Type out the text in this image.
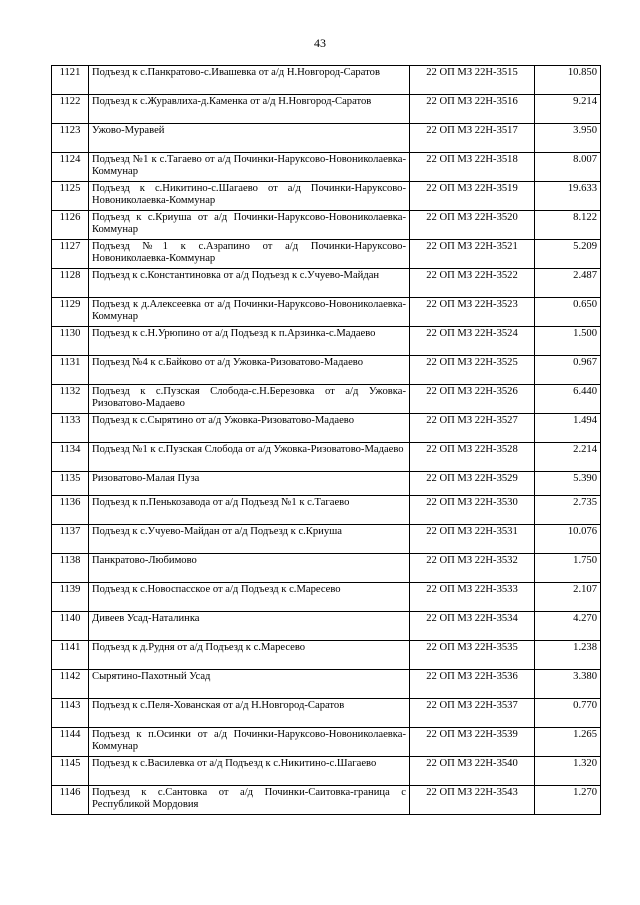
43
1121	Подъезд к с.Панкратово-с.Ивашевка от а/д Н.Новгород-Саратов	22 ОП МЗ 22Н-3515	10.850
1122	Подъезд к с.Журавлиха-д.Каменка от а/д Н.Новгород-Саратов	22 ОП МЗ 22Н-3516	9.214
1123	Ужово-Муравей	22 ОП МЗ 22Н-3517	3.950
1124	Подъезд №1 к с.Тагаево от а/д Починки-Наруксово-Новониколаевка-Коммунар	22 ОП МЗ 22Н-3518	8.007
1125	Подъезд к с.Никитино-с.Шагаево от а/д Починки-Наруксово-Новониколаевка-Коммунар	22 ОП МЗ 22Н-3519	19.633
1126	Подъезд к с.Криуша от а/д Починки-Наруксово-Новониколаевка-Коммунар	22 ОП МЗ 22Н-3520	8.122
1127	Подъезд №1 к с.Азрапино от а/д Починки-Наруксово-Новониколаевка-Коммунар	22 ОП МЗ 22Н-3521	5.209
1128	Подъезд к с.Константиновка от а/д Подъезд к с.Учуево-Майдан	22 ОП МЗ 22Н-3522	2.487
1129	Подъезд к д.Алексеевка от а/д Починки-Наруксово-Новониколаевка-Коммунар	22 ОП МЗ 22Н-3523	0.650
1130	Подъезд к с.Н.Урюпино от а/д Подъезд к п.Арзинка-с.Мадаево	22 ОП МЗ 22Н-3524	1.500
1131	Подъезд №4 к с.Байково от а/д Ужовка-Ризоватово-Мадаево	22 ОП МЗ 22Н-3525	0.967
1132	Подъезд к с.Пузская Слобода-с.Н.Березовка от а/д Ужовка-Ризоватово-Мадаево	22 ОП МЗ 22Н-3526	6.440
1133	Подъезд к с.Сырятино от а/д Ужовка-Ризоватово-Мадаево	22 ОП МЗ 22Н-3527	1.494
1134	Подъезд №1 к с.Пузская Слобода от а/д Ужовка-Ризоватово-Мадаево	22 ОП МЗ 22Н-3528	2.214
1135	Ризоватово-Малая Пуза	22 ОП МЗ 22Н-3529	5.390
1136	Подъезд к п.Пенькозавода от а/д Подъезд №1 к с.Тагаево	22 ОП МЗ 22Н-3530	2.735
1137	Подъезд к с.Учуево-Майдан от а/д Подъезд к с.Криуша	22 ОП МЗ 22Н-3531	10.076
1138	Панкратово-Любимово	22 ОП МЗ 22Н-3532	1.750
1139	Подъезд к с.Новоспасское от а/д Подъезд к с.Маресево	22 ОП МЗ 22Н-3533	2.107
1140	Дивеев Усад-Наталинка	22 ОП МЗ 22Н-3534	4.270
1141	Подъезд к д.Рудня от а/д Подъезд к с.Маресево	22 ОП МЗ 22Н-3535	1.238
1142	Сырятино-Пахотный Усад	22 ОП МЗ 22Н-3536	3.380
1143	Подъезд к с.Пеля-Хованская от а/д Н.Новгород-Саратов	22 ОП МЗ 22Н-3537	0.770
1144	Подъезд к п.Осинки от а/д Починки-Наруксово-Новониколаевка-Коммунар	22 ОП МЗ 22Н-3539	1.265
1145	Подъезд к с.Василевка от а/д Подъезд к с.Никитино-с.Шагаево	22 ОП МЗ 22Н-3540	1.320
1146	Подъезд к с.Сантовка от а/д Починки-Саитовка-граница с Республикой Мордовия	22 ОП МЗ 22Н-3543	1.270
